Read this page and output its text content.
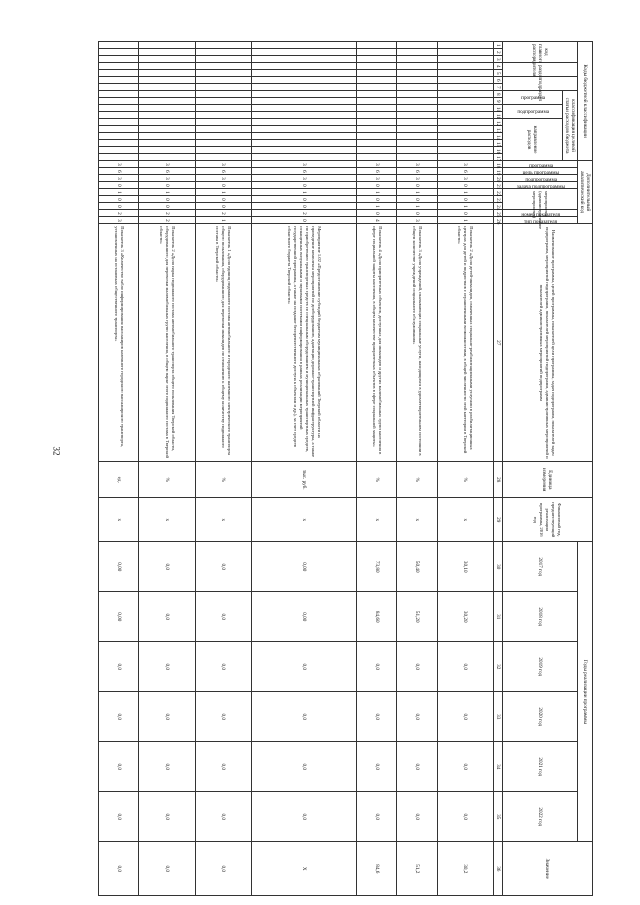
32
Коды бюджетной классификации																	Дополнительный аналитический код									Наименование программы, целей программы, показателей цели программы, задач подпрограмм, показателей задач подпрограмм, мероприятий подпрограмм, показателей мероприятий подпрограмм, административных мероприятий и показателей административных мероприятий подпрограмм	Единица измерения	Финансовый год, предшествующий реализации программы, 2016 год	Годы реализации программы						Значение	
код главного распорядителя			раздел		подраздел		классификация целевой статьи расходов бюджета										программа	цель программы	подпрограмма	задача подпрограммы	мероприятие (административное мероприятие)			номер показателя	тип показателя				2017 год	2018 год	2019 год	2020 год	2021 год	2022 год		
							программа		подпрограмма		направление расходов																									
1	2	3	4	5	6	7	8	9	10	11	12	13	14	15	16	17	18	19	20	21	22	23	24	25	26	27	28	29	30	31	32	33	34	35	36	
																	3	6	3	0	1	0	1	0	1	Показатель 2 «Доля детей-инвалидов, охваченных социально-реабилитационными услугами в реабилитационных центрах для детей и подростков с ограниченными возможностями, в общей численности этой категории в Тверской области»	%	х	30,10	30,20	0,0	0,0	0,0	0,0	30,2	
																	3	6	3	0	1	0	1	0	3	Показатель 3 «Доля учреждений, оказывающих социальные услуги, находящихся в удовлетворительном состоянии в общем количестве учреждений социального обслуживания»	%	х	50,40	51,20	0,0	0,0	0,0	0,0	51,2	
																	3	6	3	0	1	0	1	0	4	Показатель 4 «Доля приоритетных объектов, доступных для инвалидов и других маломобильных групп населения в сфере социальной защиты населения, в общем количестве приоритетных объектов в сфере социальной защиты»	%	х	73,80	84,60	0,0	0,0	0,0	0,0	84,6	
																	3	6	3	0	1	0	0	2	0	Мероприятие 1.02 «Предоставление субсидий бюджетам муниципальных образований Тверской области на проведение комплекса мероприятий по дооборудованию, адаптации дорожно-транспортной инфраструктуры, а также по приобретению транспортных средств со специальным оборудованием и муниципальных транспортных средств, оснащенных визуальными и звуковыми системами информирования в рамках реализации мероприятий государственной программы, а также на создание беспрепятственного доступа к объектам и др.), за счет средств областного бюджета Тверской области»	тыс. руб.	х	0,00	0,00	0,0	0,0	0,0	0,0	Х	
																	3	6	3	0	1	0	0	2	1	Показатель 1 «Доля единиц подвижного состава автомобильного и городского наземного электрического транспорта общего пользования, оборудованного для перевозки инвалидов по отношению к общему количеству подвижного состава в Тверской области»	%	х	0,0	0,0	0,0	0,0	0,0	0,0	0,0	
																	3	6	3	0	1	0	0	2	2	Показатель 2 «Доля парка подвижного состава автомобильного транспорта общего пользования Тверской области, оборудованного для перевозки маломобильных групп населения, в общем парке этого подвижного состава в Тверской области»	%	х	0,0	0,0	0,0	0,0	0,0	0,0	0,0	
																	3	6	3	0	1	0	0	2	3	Показатель 3 «Количество табло информирования пассажиров наземного городского пассажирского транспорта, установленных на остановках общественного транспорта»	ед.	х	0,00	0,00	0,0	0,0	0,0	0,0	0,0	
